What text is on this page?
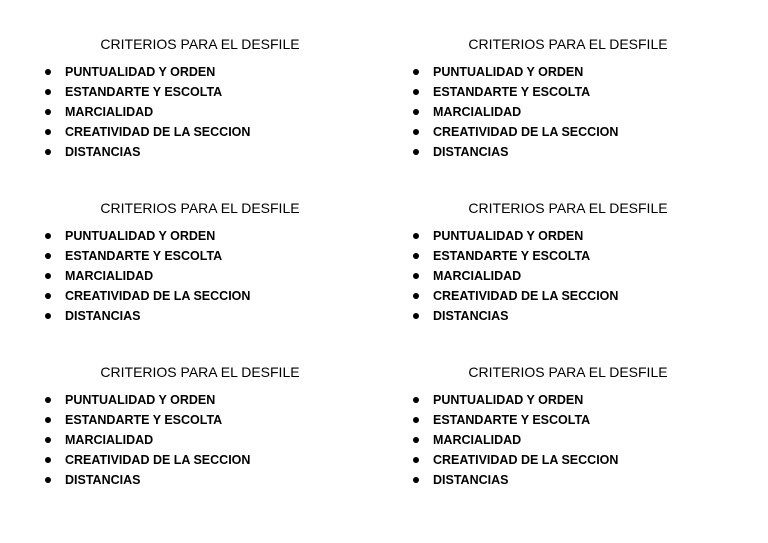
CRITERIOS PARA EL DESFILE
PUNTUALIDAD Y ORDEN
ESTANDARTE Y ESCOLTA
MARCIALIDAD
CREATIVIDAD DE LA SECCION
DISTANCIAS
CRITERIOS PARA EL DESFILE
PUNTUALIDAD Y ORDEN
ESTANDARTE Y ESCOLTA
MARCIALIDAD
CREATIVIDAD DE LA SECCION
DISTANCIAS
CRITERIOS PARA EL DESFILE
PUNTUALIDAD Y ORDEN
ESTANDARTE Y ESCOLTA
MARCIALIDAD
CREATIVIDAD DE LA SECCION
DISTANCIAS
CRITERIOS PARA EL DESFILE
PUNTUALIDAD Y ORDEN
ESTANDARTE Y ESCOLTA
MARCIALIDAD
CREATIVIDAD DE LA SECCION
DISTANCIAS
CRITERIOS PARA EL DESFILE
PUNTUALIDAD Y ORDEN
ESTANDARTE Y ESCOLTA
MARCIALIDAD
CREATIVIDAD DE LA SECCION
DISTANCIAS
CRITERIOS PARA EL DESFILE
PUNTUALIDAD Y ORDEN
ESTANDARTE Y ESCOLTA
MARCIALIDAD
CREATIVIDAD DE LA SECCION
DISTANCIAS
